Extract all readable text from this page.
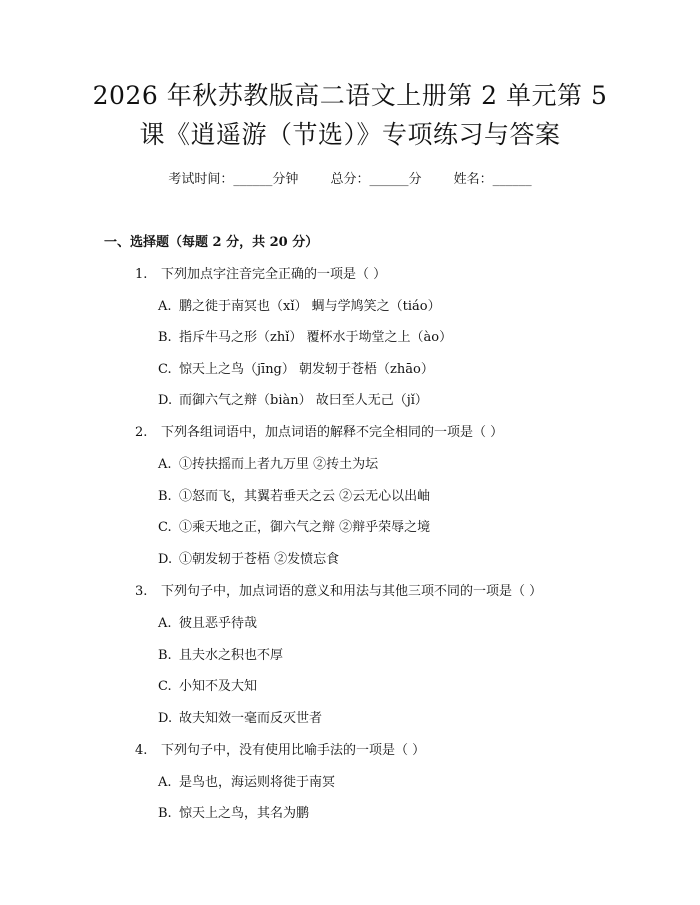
2026 年秋苏教版高二语文上册第 2 单元第 5
课《逍遥游（节选）》专项练习与答案
考试时间：______分钟 总分：______分 姓名：______
一、选择题（每题 2 分，共 20 分）
1. 下列加点字注音完全正确的一项是（ ）
A. 鹏之徙于南冥也（xǐ） 蜩与学鸠笑之（tiáo）
B. 指斥牛马之形（zhǐ） 覆杯水于坳堂之上（ào）
C. 惊天上之鸟（jīng） 朝发轫于苍梧（zhāo）
D. 而御六气之辩（biàn） 故曰至人无己（jǐ）
2. 下列各组词语中，加点词语的解释不完全相同的一项是（ ）
A. ①抟扶摇而上者九万里 ②抟土为坛
B. ①怒而飞，其翼若垂天之云 ②云无心以出岫
C. ①乘天地之正，御六气之辩 ②辩乎荣辱之境
D. ①朝发轫于苍梧 ②发愤忘食
3. 下列句子中，加点词语的意义和用法与其他三项不同的一项是（ ）
A. 彼且恶乎待哉
B. 且夫水之积也不厚
C. 小知不及大知
D. 故夫知效一毫而反灭世者
4. 下列句子中，没有使用比喻手法的一项是（ ）
A. 是鸟也，海运则将徙于南冥
B. 惊天上之鸟，其名为鹏
